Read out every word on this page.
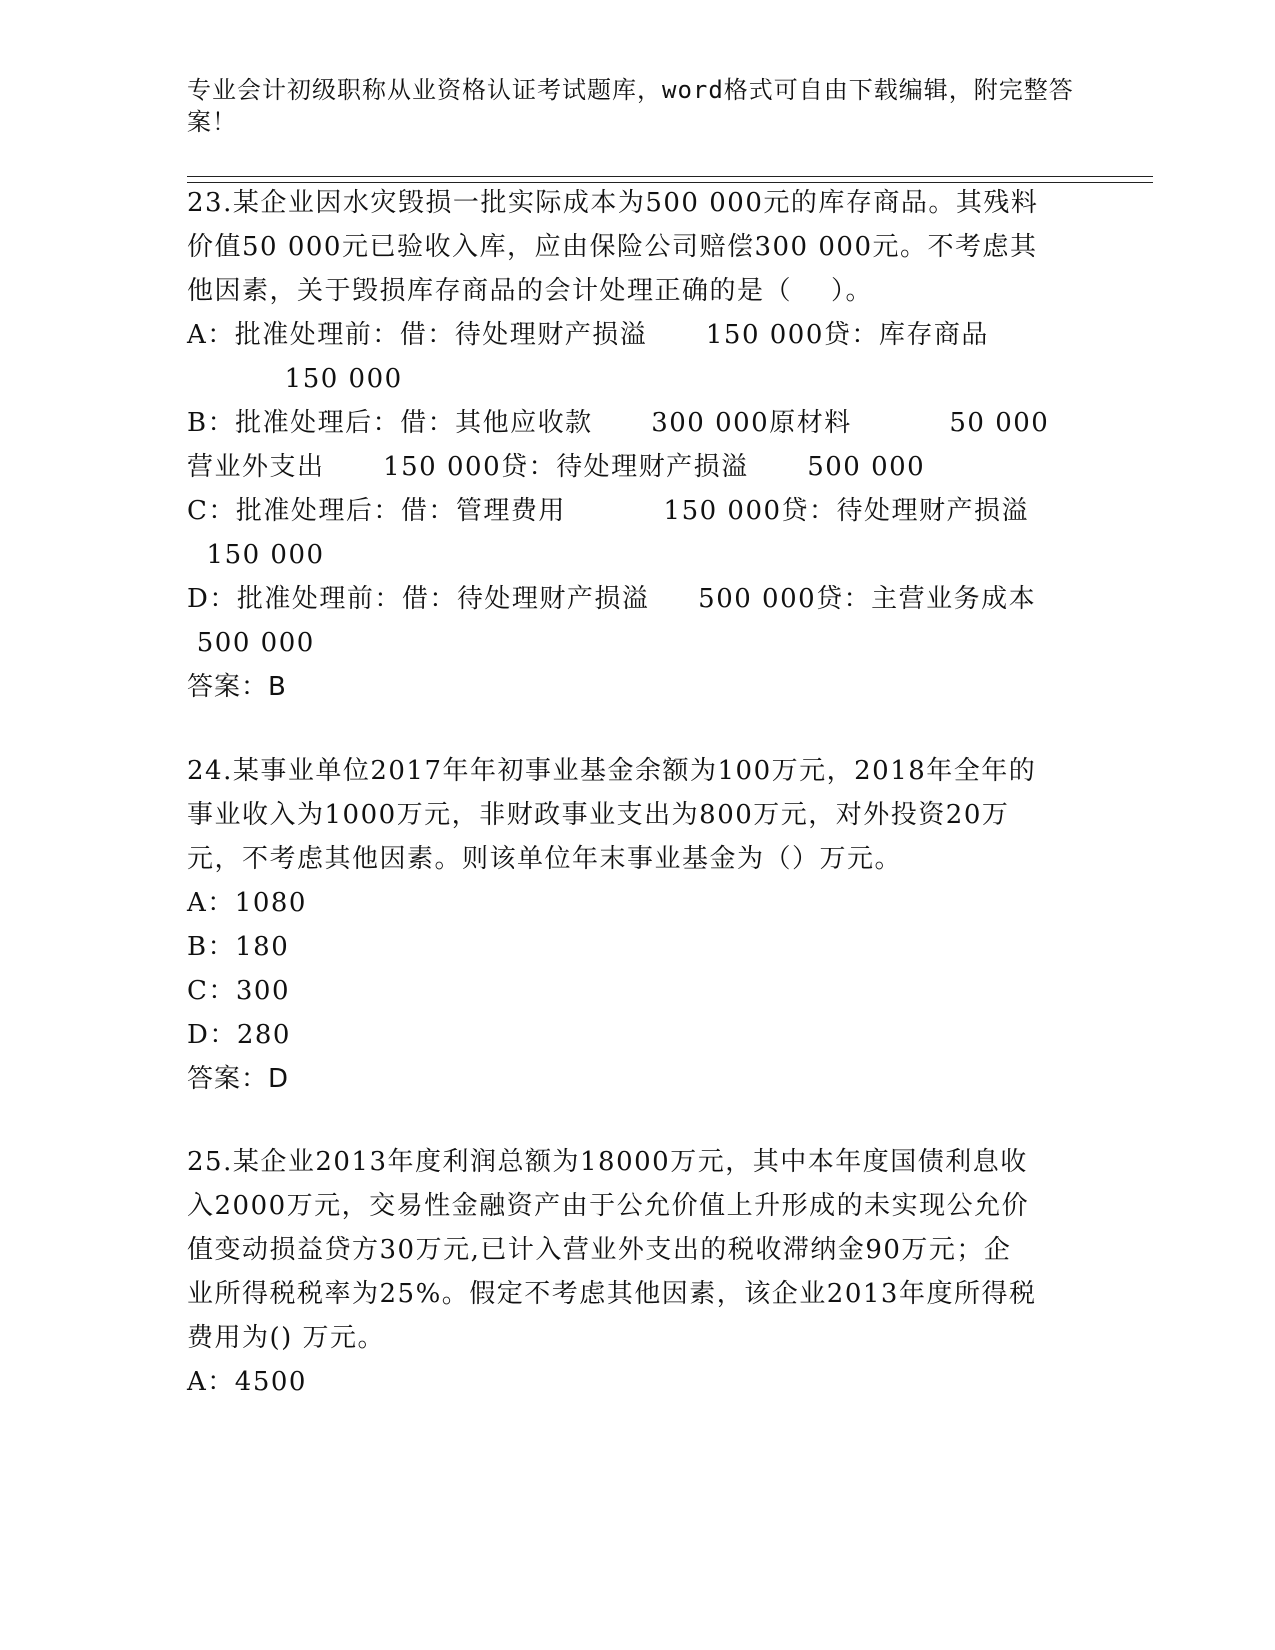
专业会计初级职称从业资格认证考试题库，word格式可自由下载编辑，附完整答
案！
23.某企业因水灾毁损一批实际成本为500 000元的库存商品。其残料
价值50 000元已验收入库，应由保险公司赔偿300 000元。不考虑其
他因素，关于毁损库存商品的会计处理正确的是（    ）。
A：批准处理前：借：待处理财产损溢      150 000贷：库存商品
150 000
B：批准处理后：借：其他应收款      300 000原材料          50 000
营业外支出      150 000贷：待处理财产损溢      500 000
C：批准处理后：借：管理费用          150 000贷：待处理财产损溢
150 000
D：批准处理前：借：待处理财产损溢     500 000贷：主营业务成本
500 000
答案：B
24.某事业单位2017年年初事业基金余额为100万元，2018年全年的
事业收入为1000万元，非财政事业支出为800万元，对外投资20万
元，不考虑其他因素。则该单位年末事业基金为（）万元。
A：1080
B：180
C：300
D：280
答案：D
25.某企业2013年度利润总额为18000万元，其中本年度国债利息收
入2000万元，交易性金融资产由于公允价值上升形成的未实现公允价
值变动损益贷方30万元,已计入营业外支出的税收滞纳金90万元；企
业所得税税率为25%。假定不考虑其他因素，该企业2013年度所得税
费用为() 万元。
A：4500
